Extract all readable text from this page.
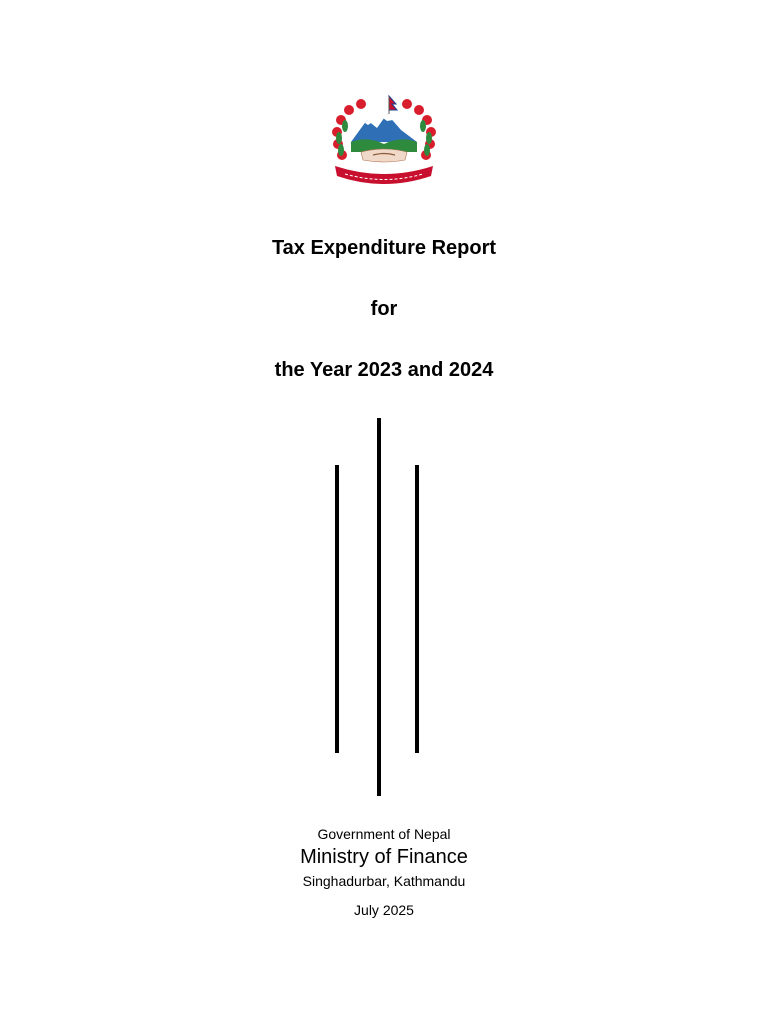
Tax Expenditure Report
for
the Year 2023 and 2024
Government of Nepal
Ministry of Finance
Singhadurbar, Kathmandu
July 2025
